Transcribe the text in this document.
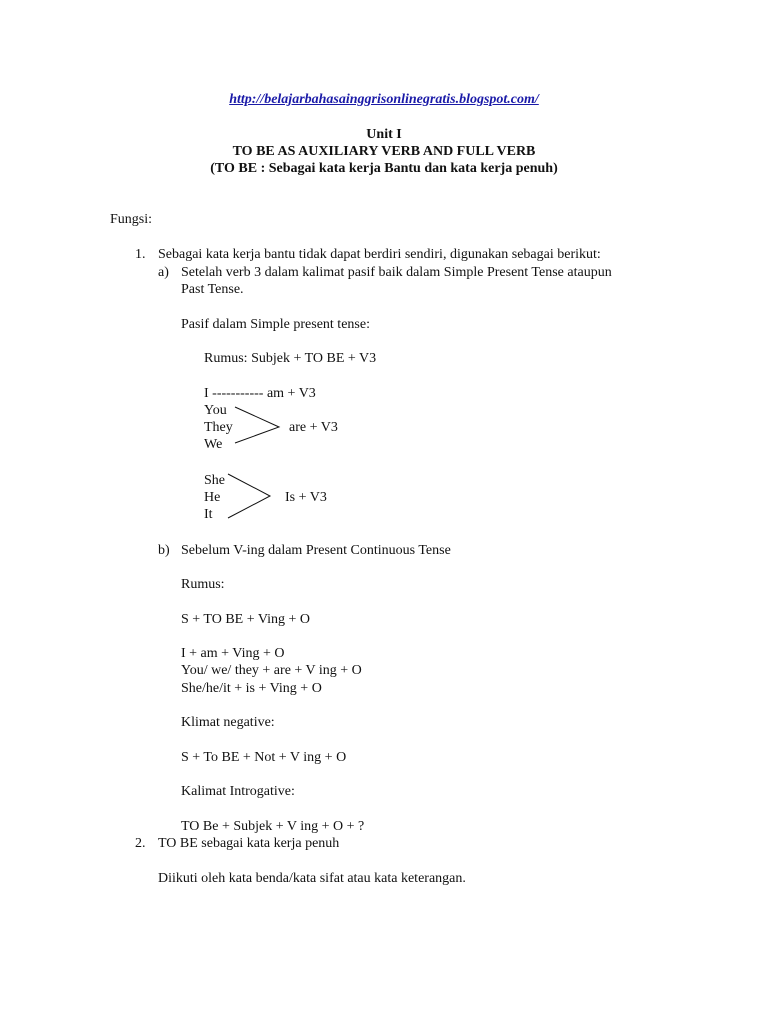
http://belajarbahasainggrisonlinegratis.blogspot.com/
Unit I
TO BE AS AUXILIARY VERB AND FULL VERB
(TO BE : Sebagai kata kerja Bantu dan kata kerja penuh)
Fungsi:
1. Sebagai kata kerja bantu tidak dapat berdiri sendiri, digunakan sebagai berikut:
a) Setelah verb 3 dalam kalimat pasif baik dalam Simple Present Tense ataupun
Past Tense.
Pasif dalam Simple present tense:
Rumus: Subjek + TO BE + V3
I ----------- am + V3
You
They
We
are + V3
She
He
It
Is + V3
b) Sebelum V-ing dalam Present Continuous Tense
Rumus:
S + TO BE + Ving + O
I + am + Ving + O
You/ we/ they + are + V ing + O
She/he/it + is + Ving + O
Klimat negative:
S + To BE + Not + V ing + O
Kalimat Introgative:
TO Be + Subjek + V ing + O + ?
2. TO BE sebagai kata kerja penuh
Diikuti oleh kata benda/kata sifat atau kata keterangan.
